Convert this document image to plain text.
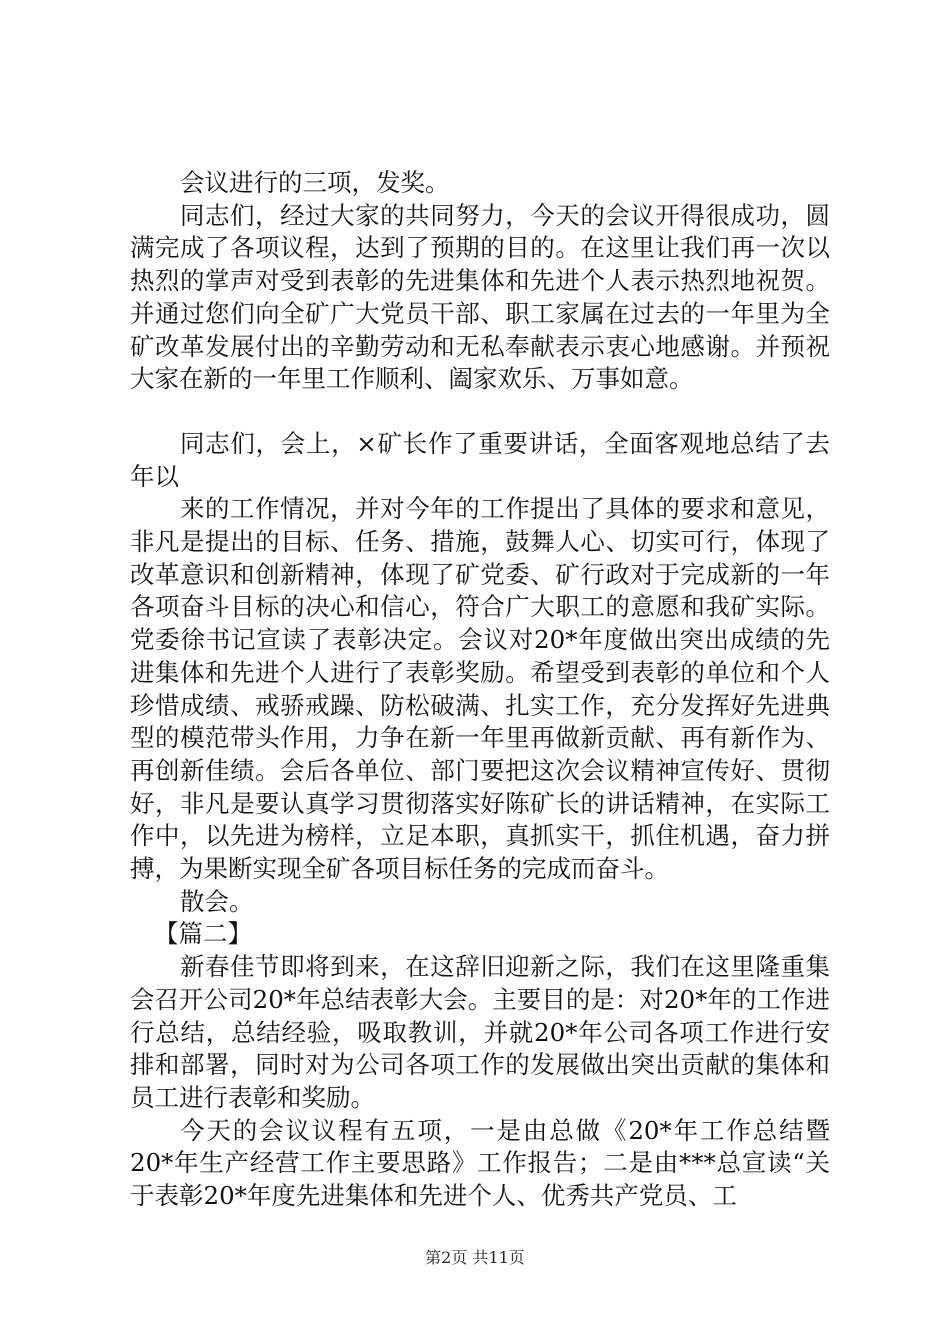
会议进行的三项，发奖。

同志们，经过大家的共同努力，今天的会议开得很成功，圆满完成了各项议程，达到了预期的目的。在这里让我们再一次以热烈的掌声对受到表彰的先进集体和先进个人表示热烈地祝贺。并通过您们向全矿广大党员干部、职工家属在过去的一年里为全矿改革发展付出的辛勤劳动和无私奉献表示衷心地感谢。并预祝大家在新的一年里工作顺利、阖家欢乐、万事如意。

同志们，会上，×矿长作了重要讲话，全面客观地总结了去年以

来的工作情况，并对今年的工作提出了具体的要求和意见，非凡是提出的目标、任务、措施，鼓舞人心、切实可行，体现了改革意识和创新精神，体现了矿党委、矿行政对于完成新的一年各项奋斗目标的决心和信心，符合广大职工的意愿和我矿实际。党委徐书记宣读了表彰决定。会议对20*年度做出突出成绩的先进集体和先进个人进行了表彰奖励。希望受到表彰的单位和个人珍惜成绩、戒骄戒躁、防松破满、扎实工作，充分发挥好先进典型的模范带头作用，力争在新一年里再做新贡献、再有新作为、再创新佳绩。会后各单位、部门要把这次会议精神宣传好、贯彻好，非凡是要认真学习贯彻落实好陈矿长的讲话精神，在实际工作中，以先进为榜样，立足本职，真抓实干，抓住机遇，奋力拼搏，为果断实现全矿各项目标任务的完成而奋斗。

散会。

【篇二】

新春佳节即将到来，在这辞旧迎新之际，我们在这里隆重集会召开公司20*年总结表彰大会。主要目的是：对20*年的工作进行总结，总结经验，吸取教训，并就20*年公司各项工作进行安排和部署，同时对为公司各项工作的发展做出突出贡献的集体和员工进行表彰和奖励。

今天的会议议程有五项，一是由总做《20*年工作总结暨20*年生产经营工作主要思路》工作报告；二是由***总宣读“关于表彰20*年度先进集体和先进个人、优秀共产党员、工

第2页 共11页
